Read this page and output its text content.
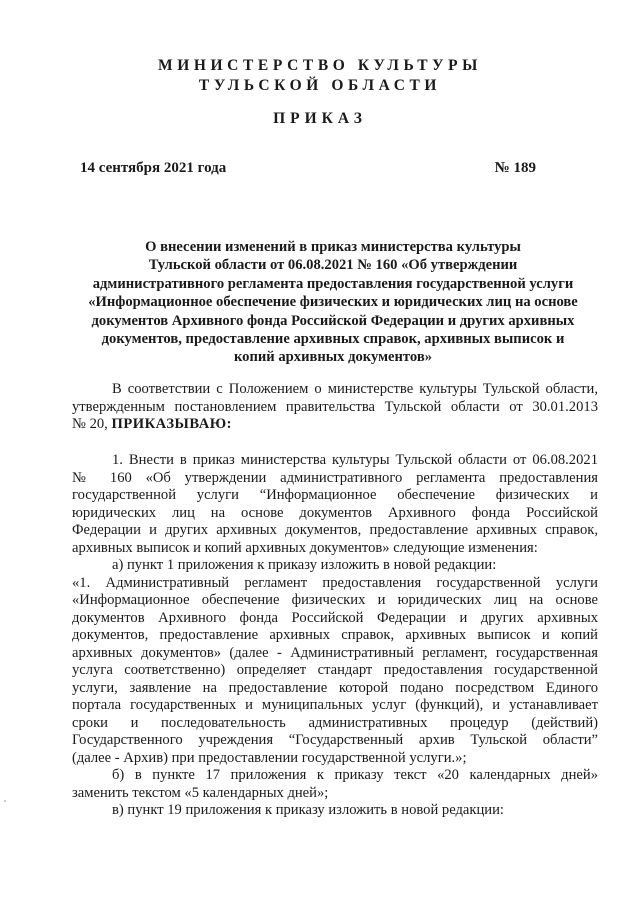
МИНИСТЕРСТВО КУЛЬТУРЫ
ТУЛЬСКОЙ ОБЛАСТИ
ПРИКАЗ
14 сентября 2021 года	№ 189
О внесении изменений в приказ министерства культуры
Тульской области от 06.08.2021 № 160 «Об утверждении
административного регламента предоставления государственной услуги
«Информационное обеспечение физических и юридических лиц на основе
документов Архивного фонда Российской Федерации и других архивных
документов, предоставление архивных справок, архивных выписок и
копий архивных документов»
В соответствии с Положением о министерстве культуры Тульской области,
утвержденным постановлением правительства Тульской области от 30.01.2013
№ 20, ПРИКАЗЫВАЮ:
1. Внести в приказ министерства культуры Тульской области от 06.08.2021
№ 160 «Об утверждении административного регламента предоставления
государственной услуги “Информационное обеспечение физических и
юридических лиц на основе документов Архивного фонда Российской
Федерации и других архивных документов, предоставление архивных справок,
архивных выписок и копий архивных документов» следующие изменения:
а) пункт 1 приложения к приказу изложить в новой редакции:
«1. Административный регламент предоставления государственной услуги
«Информационное обеспечение физических и юридических лиц на основе
документов Архивного фонда Российской Федерации и других архивных
документов, предоставление архивных справок, архивных выписок и копий
архивных документов» (далее - Административный регламент, государственная
услуга соответственно) определяет стандарт предоставления государственной
услуги, заявление на предоставление которой подано посредством Единого
портала государственных и муниципальных услуг (функций), и устанавливает
сроки и последовательность административных процедур (действий)
Государственного учреждения “Государственный архив Тульской области”
(далее - Архив) при предоставлении государственной услуги.»;
б) в пункте 17 приложения к приказу текст «20 календарных дней»
заменить текстом «5 календарных дней»;
в) пункт 19 приложения к приказу изложить в новой редакции:
